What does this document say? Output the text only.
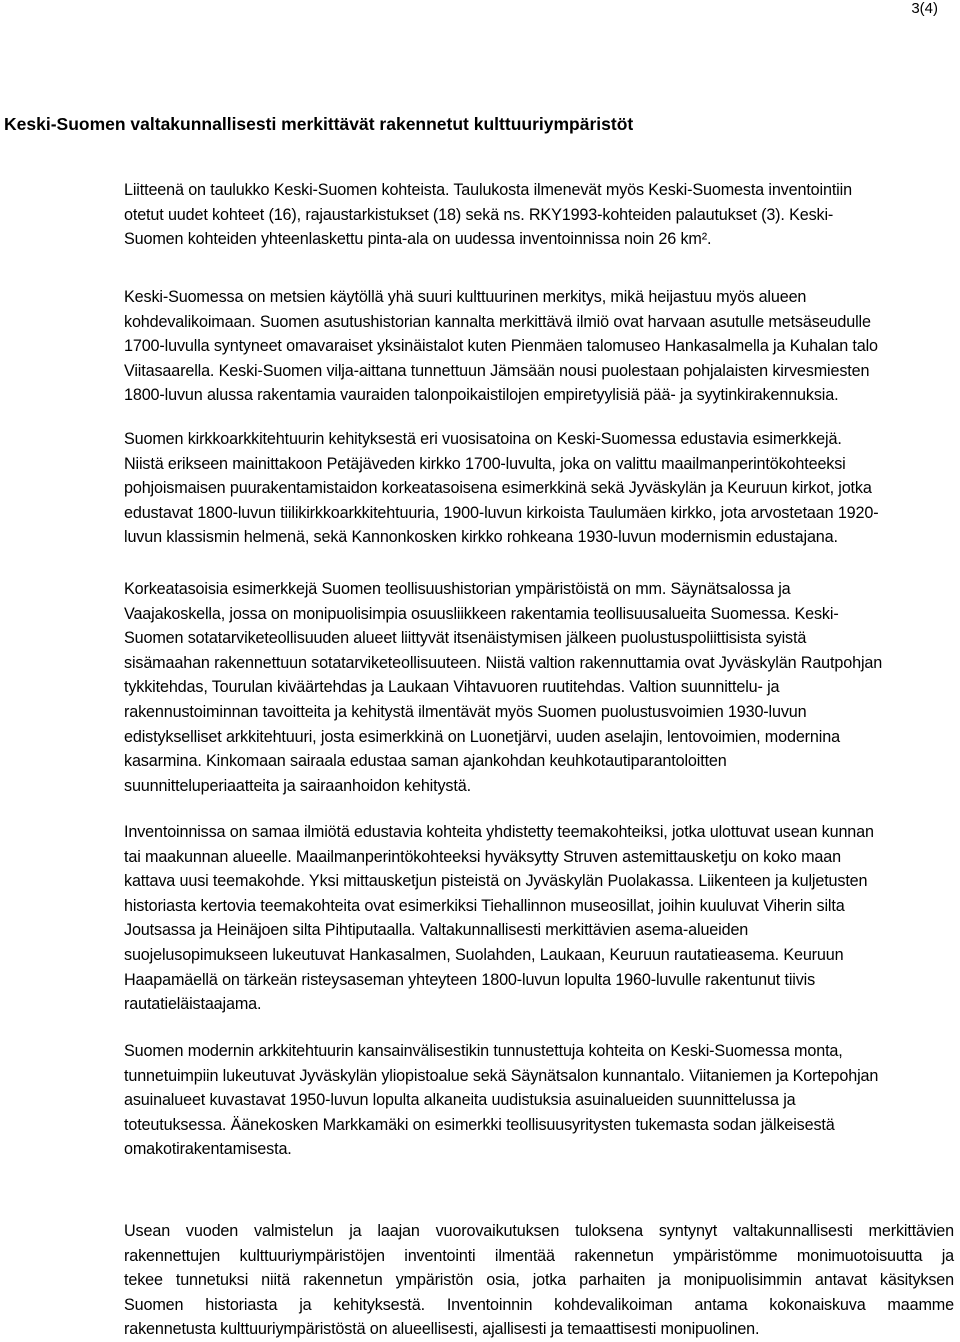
3(4)
Keski-Suomen valtakunnallisesti merkittävät rakennetut kulttuuriympäristöt

Liitteenä on taulukko Keski-Suomen kohteista. Taulukosta ilmenevät myös Keski-Suomesta inventointiin
otetut uudet kohteet (16), rajaustarkistukset (18) sekä ns. RKY1993-kohteiden palautukset (3). Keski-
Suomen kohteiden yhteenlaskettu pinta-ala on uudessa inventoinnissa noin 26 km².

Keski-Suomessa on metsien käytöllä yhä suuri kulttuurinen merkitys, mikä heijastuu myös alueen
kohdevalikoimaan. Suomen asutushistorian kannalta merkittävä ilmiö ovat harvaan asutulle metsäseudulle
1700-luvulla syntyneet omavaraiset yksinäistalot kuten Pienmäen talomuseo Hankasalmella ja Kuhalan talo
Viitasaarella. Keski-Suomen vilja-aittana tunnettuun Jämsään nousi puolestaan pohjalaisten kirvesmiesten
1800-luvun alussa rakentamia vauraiden talonpoikaistilojen empiretyylisiä pää- ja syytinkirakennuksia.

Suomen kirkkoarkkitehtuurin kehityksestä eri vuosisatoina on Keski-Suomessa edustavia esimerkkejä.
Niistä erikseen mainittakoon Petäjäveden kirkko 1700-luvulta, joka on valittu maailmanperintökohteeksi
pohjoismaisen puurakentamistaidon korkeatasoisena esimerkkinä sekä Jyväskylän ja Keuruun kirkot, jotka
edustavat 1800-luvun tiilikirkkoarkkitehtuuria, 1900-luvun kirkoista Taulumäen kirkko, jota arvostetaan 1920-
luvun klassismin helmenä, sekä Kannonkosken kirkko rohkeana 1930-luvun modernismin edustajana.

Korkeatasoisia esimerkkejä Suomen teollisuushistorian ympäristöistä on mm. Säynätsalossa ja
Vaajakoskella, jossa on monipuolisimpia osuusliikkeen rakentamia teollisuusalueita Suomessa. Keski-
Suomen sotatarviketeollisuuden alueet liittyvät itsenäistymisen jälkeen puolustuspoliittisista syistä
sisämaahan rakennettuun sotatarviketeollisuuteen. Niistä valtion rakennuttamia ovat Jyväskylän Rautpohjan
tykkitehdas, Tourulan kiväärtehdas ja Laukaan Vihtavuoren ruutitehdas. Valtion suunnittelu- ja
rakennustoiminnan tavoitteita ja kehitystä ilmentävät myös Suomen puolustusvoimien 1930-luvun
edistykselliset arkkitehtuuri, josta esimerkkinä on Luonetjärvi, uuden aselajin, lentovoimien, modernina
kasarmina. Kinkomaan sairaala edustaa saman ajankohdan keuhkotautiparantoloitten
suunnitteluperiaatteita ja sairaanhoidon kehitystä.

Inventoinnissa on samaa ilmiötä edustavia kohteita yhdistetty teemakohteiksi, jotka ulottuvat usean kunnan
tai maakunnan alueelle. Maailmanperintökohteeksi hyväksytty Struven astemittausketju on koko maan
kattava uusi teemakohde. Yksi mittausketjun pisteistä on Jyväskylän Puolakassa. Liikenteen ja kuljetusten
historiasta kertovia teemakohteita ovat esimerkiksi Tiehallinnon museosillat, joihin kuuluvat Viherin silta
Joutsassa ja Heinäjoen silta Pihtiputaalla. Valtakunnallisesti merkittävien asema-alueiden
suojelusopimukseen lukeutuvat Hankasalmen, Suolahden, Laukaan, Keuruun rautatieasema. Keuruun
Haapamäellä on tärkeän risteysaseman yhteyteen 1800-luvun lopulta 1960-luvulle rakentunut tiivis
rautatieläistaajama.

Suomen modernin arkkitehtuurin kansainvälisestikin tunnustettuja kohteita on Keski-Suomessa monta,
tunnetuimpiin lukeutuvat Jyväskylän yliopistoalue sekä Säynätsalon kunnantalo. Viitaniemen ja Kortepohjan
asuinalueet kuvastavat 1950-luvun lopulta alkaneita uudistuksia asuinalueiden suunnittelussa ja
toteutuksessa. Äänekosken Markkamäki on esimerkki teollisuusyritysten tukemasta sodan jälkeisestä
omakotirakentamisesta.

Usean vuoden valmistelun ja laajan vuorovaikutuksen tuloksena syntynyt valtakunnallisesti merkittävien
rakennettujen kulttuuriympäristöjen inventointi ilmentää rakennetun ympäristömme monimuotoisuutta ja
tekee tunnetuksi niitä rakennetun ympäristön osia, jotka parhaiten ja monipuolisimmin antavat käsityksen
Suomen historiasta ja kehityksestä. Inventoinnin kohdevalikoiman antama kokonaiskuva maamme
rakennetusta kulttuuriympäristöstä on alueellisesti, ajallisesti ja temaattisesti monipuolinen.
